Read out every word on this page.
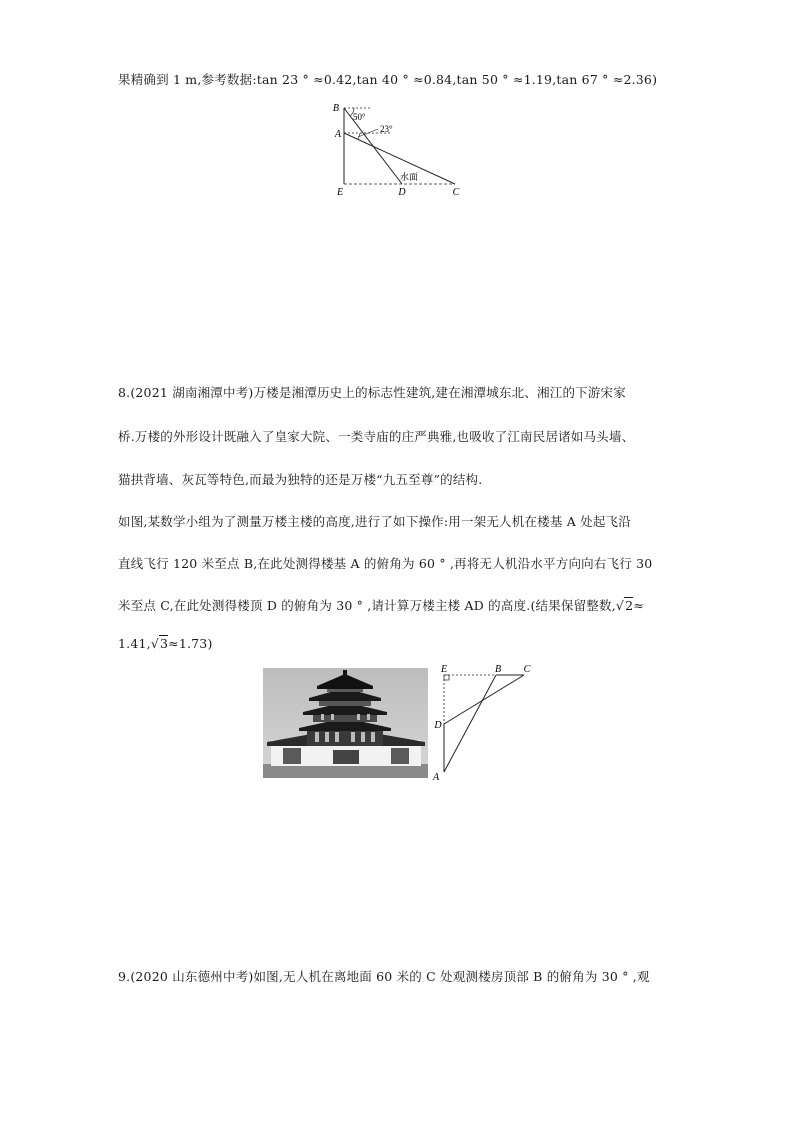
果精确到 1 m,参考数据:tan 23 ° ≈0.42,tan 40 ° ≈0.84,tan 50 ° ≈1.19,tan 67 ° ≈2.36)
B
A
E	D	C
50°
23°
水面
8.(2021 湖南湘潭中考)万楼是湘潭历史上的标志性建筑,建在湘潭城东北、湘江的下游宋家
桥.万楼的外形设计既融入了皇家大院、一类寺庙的庄严典雅,也吸收了江南民居诸如马头墙、
猫拱背墙、灰瓦等特色,而最为独特的还是万楼“九五至尊”的结构.
如图,某数学小组为了测量万楼主楼的高度,进行了如下操作:用一架无人机在楼基 A 处起飞沿
直线飞行 120 米至点 B,在此处测得楼基 A 的俯角为 60 ° ,再将无人机沿水平方向向右飞行 30
米至点 C,在此处测得楼顶 D 的俯角为 30 ° ,请计算万楼主楼 AD 的高度.(结果保留整数,√2≈
1.41,√3≈1.73)
E	B C
D
A
9.(2020 山东德州中考)如图,无人机在离地面 60 米的 C 处观测楼房顶部 B 的俯角为 30 ° ,观
